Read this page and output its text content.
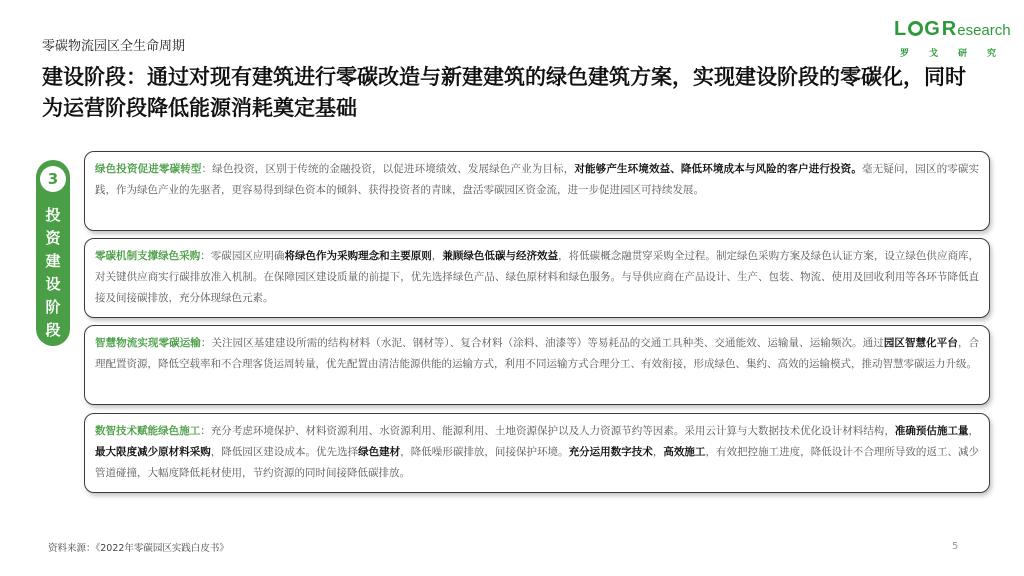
零碳物流园区全生命周期
L GResearch
罗 戈 研 究
建设阶段：通过对现有建筑进行零碳改造与新建建筑的绿色建筑方案，实现建设阶段的零碳化，同时为运营阶段降低能源消耗奠定基础
3
投
资
建
设
阶
段
绿色投资促进零碳转型：绿色投资，区别于传统的金融投资，以促进环境绩效、发展绿色产业为目标，对能够产生环境效益、降低环境成本与风险的客户进行投资。毫无疑问，园区的零碳实践，作为绿色产业的先驱者，更容易得到绿色资本的倾斜、获得投资者的青睐，盘活零碳园区资金流，进一步促进园区可持续发展。
零碳机制支撑绿色采购：零碳园区应明确将绿色作为采购理念和主要原则，兼顾绿色低碳与经济效益，将低碳概念融贯穿采购全过程。制定绿色采购方案及绿色认证方案，设立绿色供应商库，对关键供应商实行碳排放准入机制。在保障园区建设质量的前提下，优先选择绿色产品、绿色原材料和绿色服务。与导供应商在产品设计、生产、包装、物流、使用及回收利用等各环节降低直接及间接碳排放，充分体现绿色元素。
智慧物流实现零碳运输：关注园区基建建设所需的结构材料（水泥、钢材等）、复合材料（涂料、油漆等）等易耗品的交通工具种类、交通能效、运输量、运输频次。通过园区智慧化平台，合理配置资源，降低空载率和不合理客货运周转量，优先配置由清洁能源供能的运输方式，利用不同运输方式合理分工、有效衔接，形成绿色、集约、高效的运输模式，推动智慧零碳运力升级。
数智技术赋能绿色施工：充分考虑环境保护、材料资源利用、水资源利用、能源利用、土地资源保护以及人力资源节约等因素。采用云计算与大数据技术优化设计材料结构，准确预估施工量，最大限度减少原材料采购，降低园区建设成本。优先选择绿色建材，降低噪形碳排放，间接保护环境。充分运用数字技术，高效施工，有效把控施工进度，降低设计不合理所导致的返工、减少管道碰撞，大幅度降低耗材使用，节约资源的同时间接降低碳排放。
资料来源：《2022年零碳园区实践白皮书》	5
